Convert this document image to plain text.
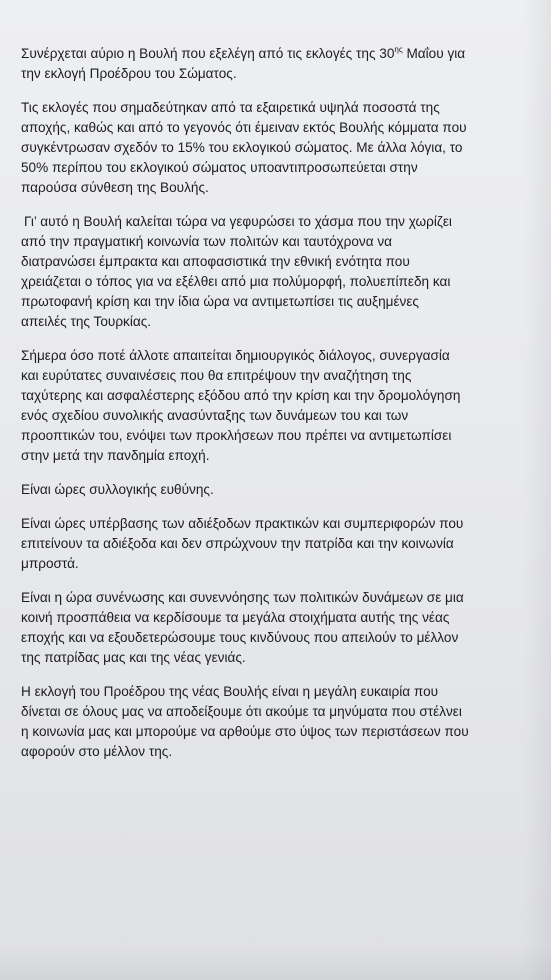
Συνέρχεται αύριο η Βουλή που εξελέγη από τις εκλογές της $30^{\eta\varsigma}$ Μαΐου για
την εκλογή Προέδρου του Σώματος.

Τις εκλογές που σημαδεύτηκαν από τα εξαιρετικά υψηλά ποσοστά της
αποχής, καθώς και από το γεγονός ότι έμειναν εκτός Βουλής κόμματα που
συγκέντρωσαν σχεδόν το 15% του εκλογικού σώματος. Με άλλα λόγια, το
50% περίπου του εκλογικού σώματος υποαντιπροσωπεύεται στην
παρούσα σύνθεση της Βουλής.

Γι’ αυτό η Βουλή καλείται τώρα να γεφυρώσει το χάσμα που την χωρίζει
από την πραγματική κοινωνία των πολιτών και ταυτόχρονα να
διατρανώσει έμπρακτα και αποφασιστικά την εθνική ενότητα που
χρειάζεται ο τόπος για να εξέλθει από μια πολύμορφή, πολυεπίπεδη και
πρωτοφανή κρίση και την ίδια ώρα να αντιμετωπίσει τις αυξημένες
απειλές της Τουρκίας.

Σήμερα όσο ποτέ άλλοτε απαιτείται δημιουργικός διάλογος, συνεργασία
και ευρύτατες συναινέσεις που θα επιτρέψουν την αναζήτηση της
ταχύτερης και ασφαλέστερης εξόδου από την κρίση και την δρομολόγηση
ενός σχεδίου συνολικής ανασύνταξης των δυνάμεων του και των
προοπτικών του, ενόψει των προκλήσεων που πρέπει να αντιμετωπίσει
στην μετά την πανδημία εποχή.

Είναι ώρες συλλογικής ευθύνης.

Είναι ώρες υπέρβασης των αδιέξοδων πρακτικών και συμπεριφορών που
επιτείνουν τα αδιέξοδα και δεν σπρώχνουν την πατρίδα και την κοινωνία
μπροστά.

Είναι η ώρα συνένωσης και συνεννόησης των πολιτικών δυνάμεων σε μια
κοινή προσπάθεια να κερδίσουμε τα μεγάλα στοιχήματα αυτής της νέας
εποχής και να εξουδετερώσουμε τους κινδύνους που απειλούν το μέλλον
της πατρίδας μας και της νέας γενιάς.

Η εκλογή του Προέδρου της νέας Βουλής είναι η μεγάλη ευκαιρία που
δίνεται σε όλους μας να αποδείξουμε ότι ακούμε τα μηνύματα που στέλνει
η κοινωνία μας και μπορούμε να αρθούμε στο ύψος των περιστάσεων που
αφορούν στο μέλλον της.
